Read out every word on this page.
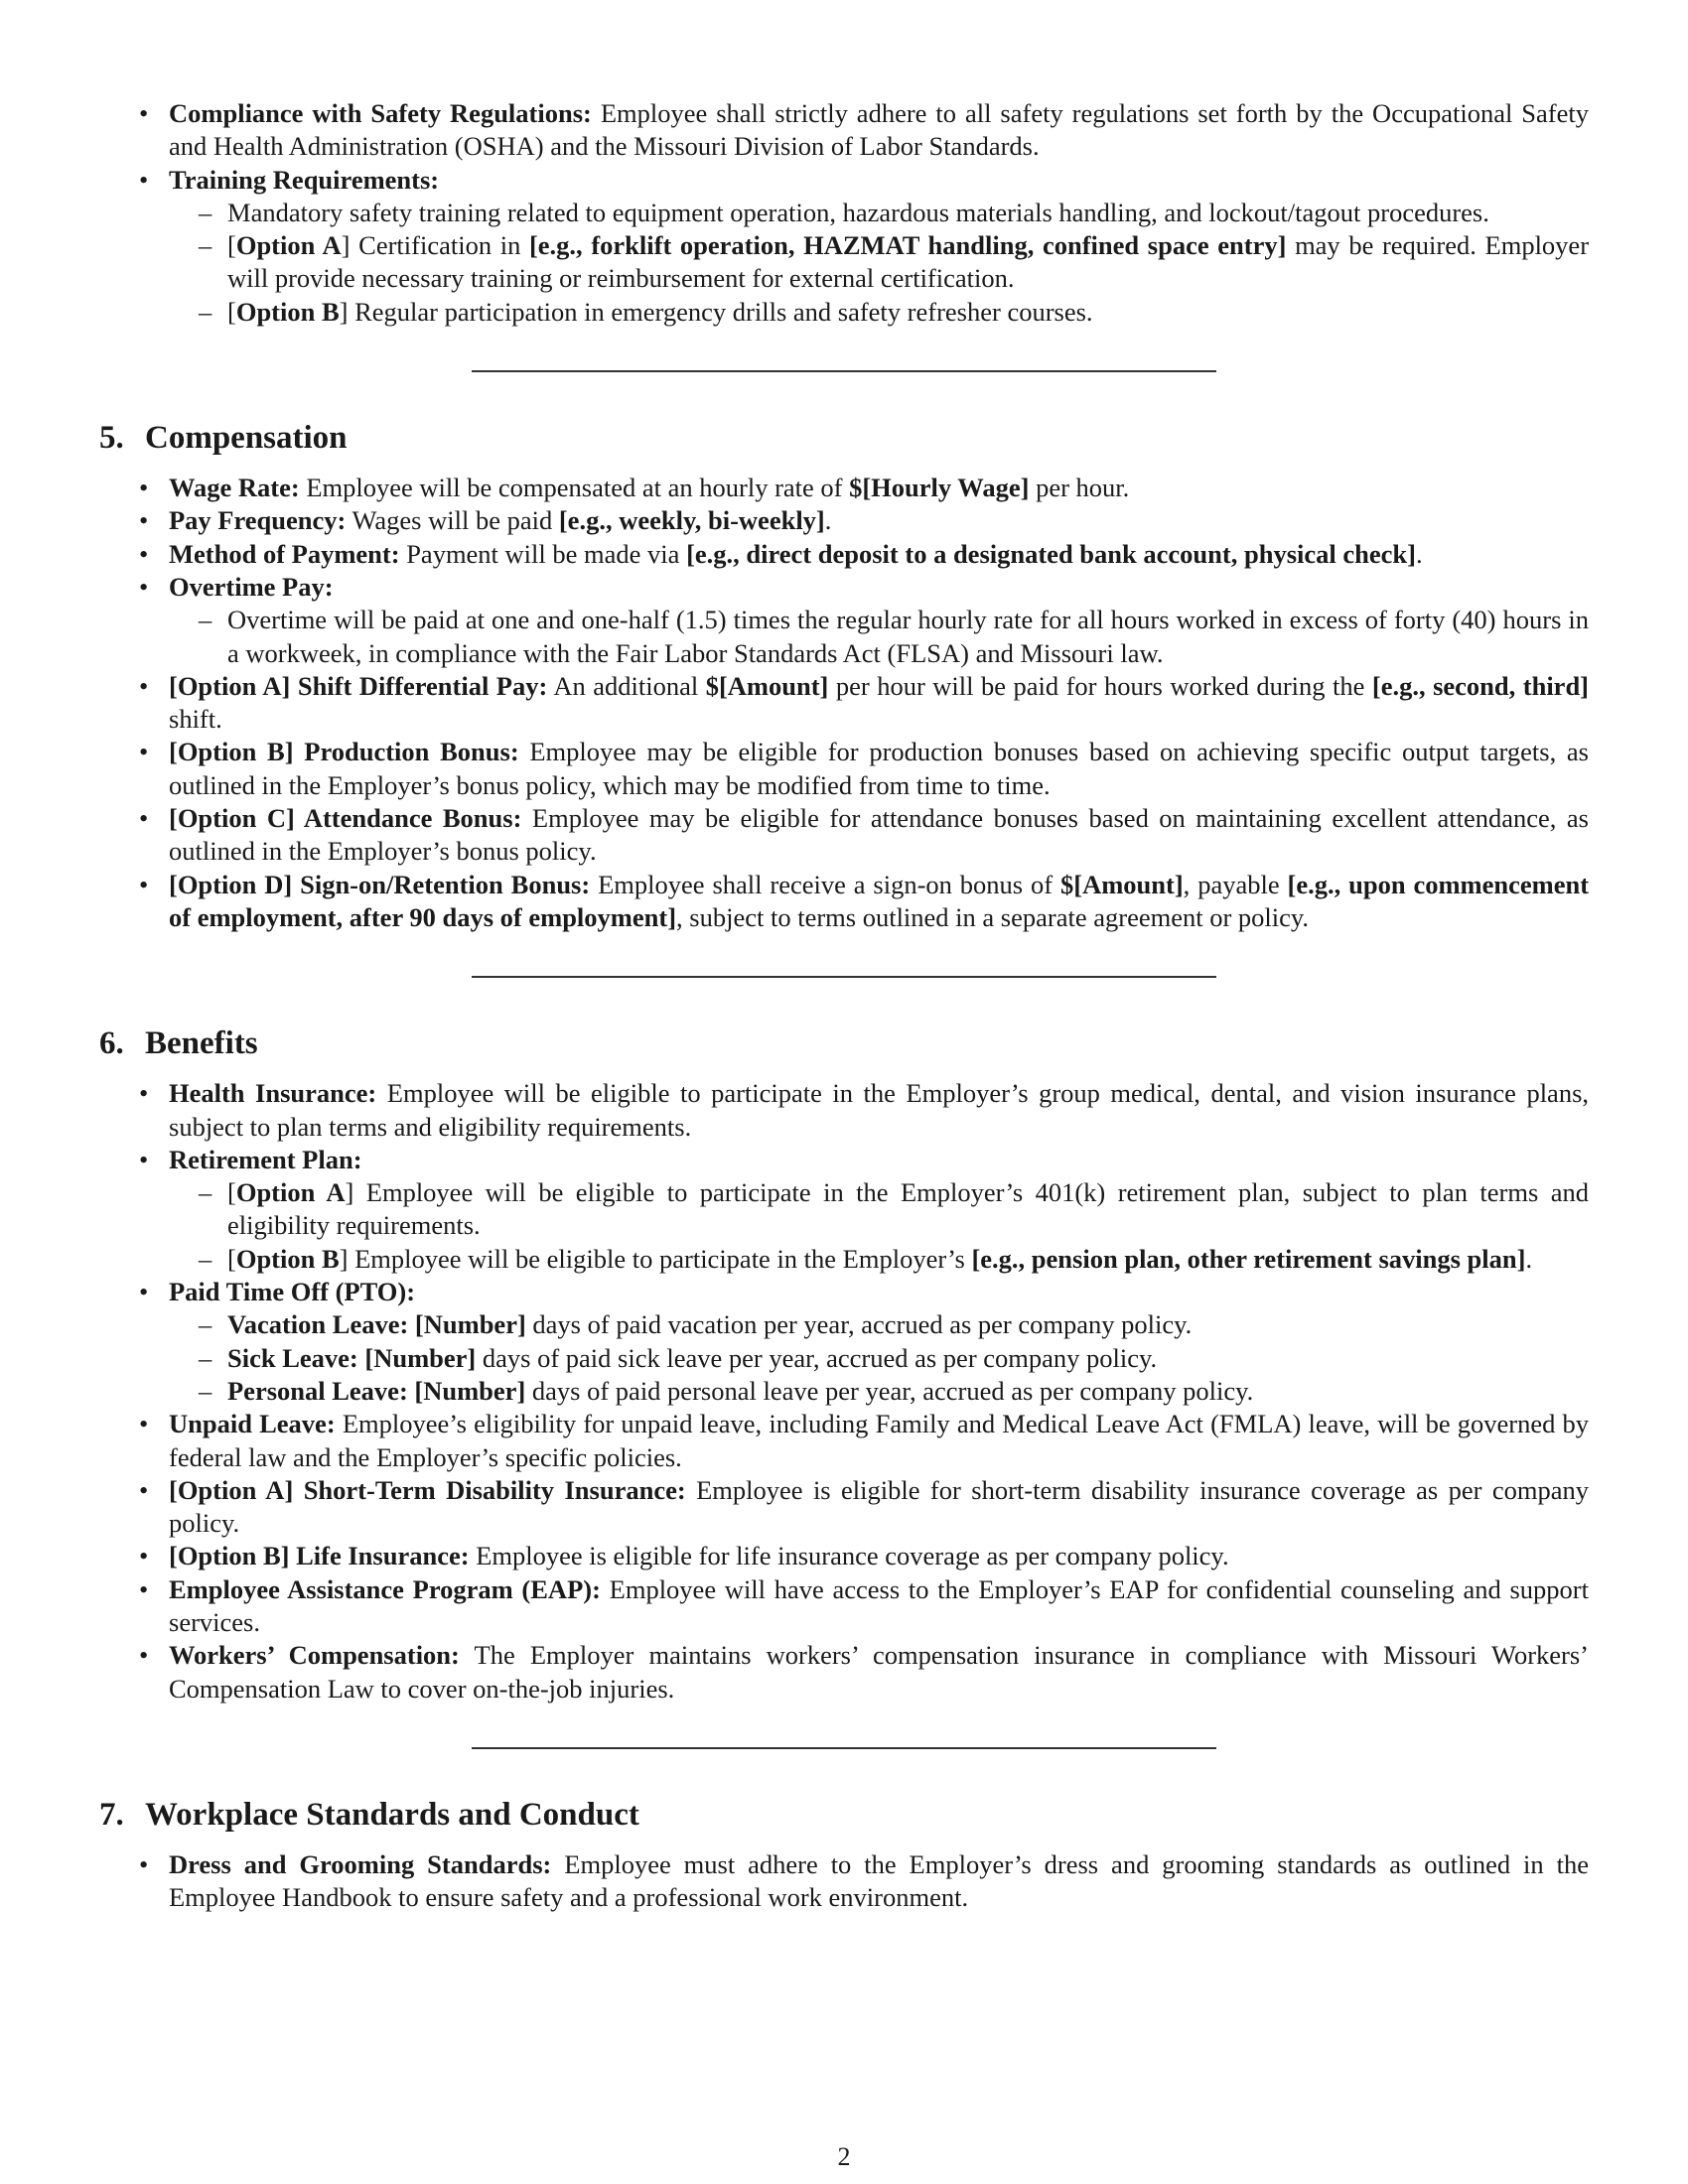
• Compliance with Safety Regulations: Employee shall strictly adhere to all safety regulations set forth by the Occupational Safety and Health Administration (OSHA) and the Missouri Division of Labor Standards.
• Training Requirements:
– Mandatory safety training related to equipment operation, hazardous materials handling, and lockout/tagout procedures.
– [Option A] Certification in [e.g., forklift operation, HAZMAT handling, confined space entry] may be required. Employer will provide necessary training or reimbursement for external certification.
– [Option B] Regular participation in emergency drills and safety refresher courses.
5. Compensation
• Wage Rate: Employee will be compensated at an hourly rate of $[Hourly Wage] per hour.
• Pay Frequency: Wages will be paid [e.g., weekly, bi-weekly].
• Method of Payment: Payment will be made via [e.g., direct deposit to a designated bank account, physical check].
• Overtime Pay:
– Overtime will be paid at one and one-half (1.5) times the regular hourly rate for all hours worked in excess of forty (40) hours in a workweek, in compliance with the Fair Labor Standards Act (FLSA) and Missouri law.
• [Option A] Shift Differential Pay: An additional $[Amount] per hour will be paid for hours worked during the [e.g., second, third] shift.
• [Option B] Production Bonus: Employee may be eligible for production bonuses based on achieving specific output targets, as outlined in the Employer’s bonus policy, which may be modified from time to time.
• [Option C] Attendance Bonus: Employee may be eligible for attendance bonuses based on maintaining excellent attendance, as outlined in the Employer’s bonus policy.
• [Option D] Sign-on/Retention Bonus: Employee shall receive a sign-on bonus of $[Amount], payable [e.g., upon commencement of employment, after 90 days of employment], subject to terms outlined in a separate agreement or policy.
6. Benefits
• Health Insurance: Employee will be eligible to participate in the Employer’s group medical, dental, and vision insurance plans, subject to plan terms and eligibility requirements.
• Retirement Plan:
– [Option A] Employee will be eligible to participate in the Employer’s 401(k) retirement plan, subject to plan terms and eligibility requirements.
– [Option B] Employee will be eligible to participate in the Employer’s [e.g., pension plan, other retirement savings plan].
• Paid Time Off (PTO):
– Vacation Leave: [Number] days of paid vacation per year, accrued as per company policy.
– Sick Leave: [Number] days of paid sick leave per year, accrued as per company policy.
– Personal Leave: [Number] days of paid personal leave per year, accrued as per company policy.
• Unpaid Leave: Employee’s eligibility for unpaid leave, including Family and Medical Leave Act (FMLA) leave, will be governed by federal law and the Employer’s specific policies.
• [Option A] Short-Term Disability Insurance: Employee is eligible for short-term disability insurance coverage as per company policy.
• [Option B] Life Insurance: Employee is eligible for life insurance coverage as per company policy.
• Employee Assistance Program (EAP): Employee will have access to the Employer’s EAP for confidential counseling and support services.
• Workers’ Compensation: The Employer maintains workers’ compensation insurance in compliance with Missouri Workers’ Compensation Law to cover on-the-job injuries.
7. Workplace Standards and Conduct
• Dress and Grooming Standards: Employee must adhere to the Employer’s dress and grooming standards as outlined in the Employee Handbook to ensure safety and a professional work environment.
2
